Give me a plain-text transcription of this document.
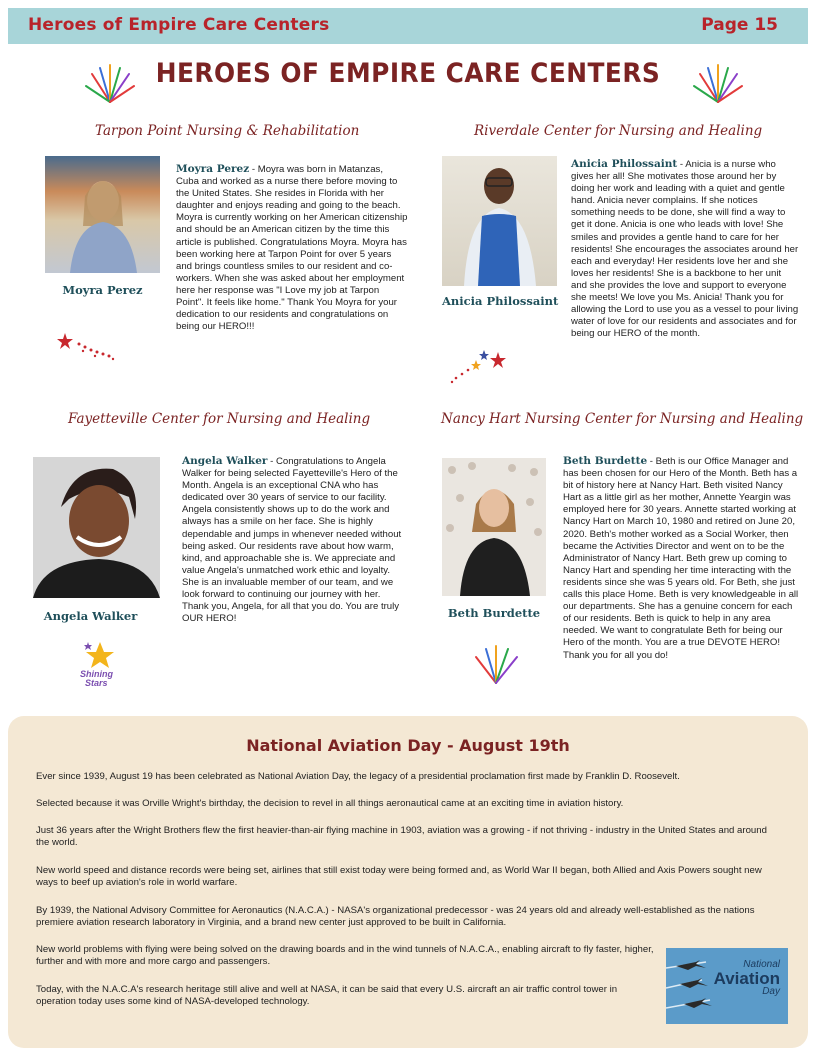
Heroes of Empire Care Centers	Page 15
HEROES OF EMPIRE CARE CENTERS
Tarpon Point Nursing & Rehabilitation
Moyra Perez

Moyra Perez - Moyra was born in Matanzas, Cuba and worked as a nurse there before moving to the United States. She resides in Florida with her daughter and enjoys reading and going to the beach. Moyra is currently working on her American citizenship and should be an American citizen by the time this article is published. Congratulations Moyra. Moyra has been working here at Tarpon Point for over 5 years and brings countless smiles to our resident and co-workers. When she was asked about her employment here her response was "I Love my job at Tarpon Point". It feels like home." Thank You Moyra for your dedication to our residents and congratulations on being our HERO!!!

Riverdale Center for Nursing and Healing
Anicia Philossaint

Anicia Philossaint - Anicia is a nurse who gives her all! She motivates those around her by doing her work and leading with a quiet and gentle hand. Anicia never complains. If she notices something needs to be done, she will find a way to get it done. Anicia is one who leads with love! She smiles and provides a gentle hand to care for her residents! She encourages the associates around her each and everyday! Her residents love her and she loves her residents! She is a backbone to her unit and she provides the love and support to everyone she meets! We love you Ms. Anicia! Thank you for allowing the Lord to use you as a vessel to pour living water of love for our residents and associates and for being our HERO of the month.

Fayetteville Center for Nursing and Healing
Angela Walker
Shining
Stars

Angela Walker - Congratulations to Angela Walker for being selected Fayetteville's Hero of the Month. Angela is an exceptional CNA who has dedicated over 30 years of service to our facility. Angela consistently shows up to do the work and always has a smile on her face. She is highly dependable and jumps in whenever needed without being asked. Our residents rave about how warm, kind, and approachable she is. We appreciate and value Angela's unmatched work ethic and loyalty. She is an invaluable member of our team, and we look forward to continuing our journey with her. Thank you, Angela, for all that you do. You are truly OUR HERO!

Nancy Hart Nursing Center for Nursing and Healing
Beth Burdette

Beth Burdette - Beth is our Office Manager and has been chosen for our Hero of the Month. Beth has a bit of history here at Nancy Hart. Beth visited Nancy Hart as a little girl as her mother, Annette Yeargin was employed here for 30 years. Annette started working at Nancy Hart on March 10, 1980 and retired on June 20, 2020. Beth's mother worked as a Social Worker, then became the Activities Director and went on to be the Administrator of Nancy Hart. Beth grew up coming to Nancy Hart and spending her time interacting with the residents since she was 5 years old. For Beth, she just calls this place Home. Beth is very knowledgeable in all our departments. She has a genuine concern for each of our residents. Beth is quick to help in any area needed. We want to congratulate Beth for being our Hero of the month. You are a true DEVOTE HERO! Thank you for all you do!

National Aviation Day - August 19th

Ever since 1939, August 19 has been celebrated as National Aviation Day, the legacy of a presidential proclamation first made by Franklin D. Roosevelt.

Selected because it was Orville Wright's birthday, the decision to revel in all things aeronautical came at an exciting time in aviation history.

Just 36 years after the Wright Brothers flew the first heavier-than-air flying machine in 1903, aviation was a growing - if not thriving - industry in the United States and around the world.

New world speed and distance records were being set, airlines that still exist today were being formed and, as World War II began, both Allied and Axis Powers sought new ways to beef up aviation's role in world warfare.

By 1939, the National Advisory Committee for Aeronautics (N.A.C.A.) - NASA's organizational predecessor - was 24 years old and already well-established as the nations premiere aviation research laboratory in Virginia, and a brand new center just approved to be built in California.

New world problems with flying were being solved on the drawing boards and in the wind tunnels of N.A.C.A., enabling aircraft to fly faster, higher, further and with more and more cargo and passengers.

Today, with the N.A.C.A's research heritage still alive and well at NASA, it can be said that every U.S. aircraft an air traffic control tower in operation today uses some kind of NASA-developed technology.

National
Aviation
Day
